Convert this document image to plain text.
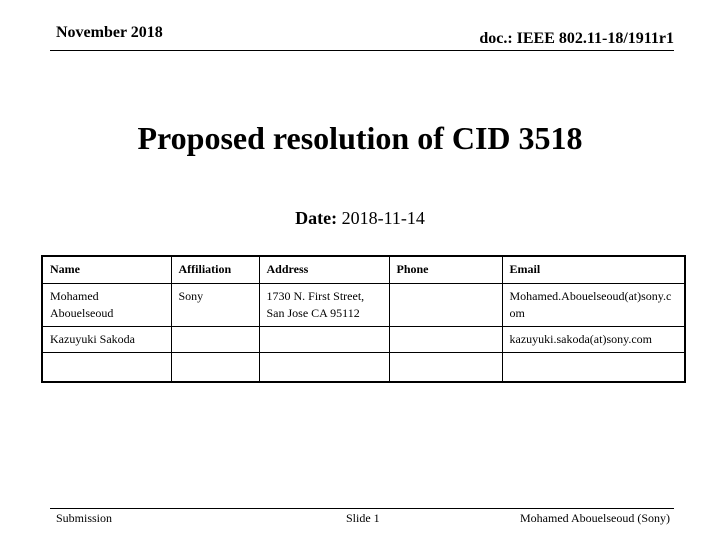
November 2018	doc.: IEEE 802.11-18/1911r1
Proposed resolution of CID 3518
Date: 2018-11-14
Name	Affiliation	Address	Phone	Email
Mohamed Abouelseoud	Sony	1730 N. First Street, San Jose CA 95112		Mohamed.Abouelseoud(at)sony.com
Kazuyuki Sakoda				kazuyuki.sakoda(at)sony.com

Submission	Slide 1	Mohamed Abouelseoud (Sony)
